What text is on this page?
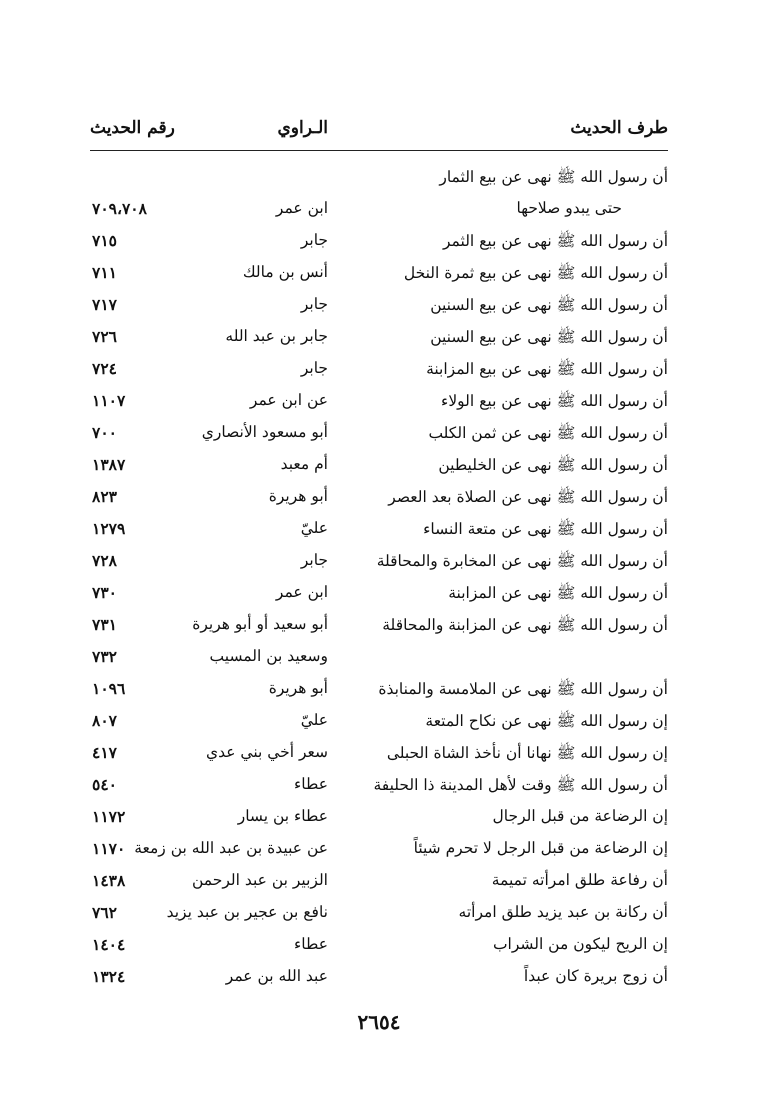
طرف الحديث
الـراوي
رقم الحديث
أن رسول الله ﷺ نهى عن بيع الثمار
حتى يبدو صلاحها
ابن عمر
٧٠٩،٧٠٨
أن رسول الله ﷺ نهى عن بيع الثمر
جابر
٧١٥
أن رسول الله ﷺ نهى عن بيع ثمرة النخل
أنس بن مالك
٧١١
أن رسول الله ﷺ نهى عن بيع السنين
جابر
٧١٧
أن رسول الله ﷺ نهى عن بيع السنين
جابر بن عبد الله
٧٢٦
أن رسول الله ﷺ نهى عن بيع المزابنة
جابر
٧٢٤
أن رسول الله ﷺ نهى عن بيع الولاء
عن ابن عمر
١١٠٧
أن رسول الله ﷺ نهى عن ثمن الكلب
أبو مسعود الأنصاري
٧٠٠
أن رسول الله ﷺ نهى عن الخليطين
أم معبد
١٣٨٧
أن رسول الله ﷺ نهى عن الصلاة بعد العصر
أبو هريرة
٨٢٣
أن رسول الله ﷺ نهى عن متعة النساء
عليّ
١٢٧٩
أن رسول الله ﷺ نهى عن المخابرة والمحاقلة
جابر
٧٢٨
أن رسول الله ﷺ نهى عن المزابنة
ابن عمر
٧٣٠
أن رسول الله ﷺ نهى عن المزابنة والمحاقلة
أبو سعيد أو أبو هريرة
٧٣١
وسعيد بن المسيب
٧٣٢
أن رسول الله ﷺ نهى عن الملامسة والمنابذة
أبو هريرة
١٠٩٦
إن رسول الله ﷺ نهى عن نكاح المتعة
عليّ
٨٠٧
إن رسول الله ﷺ نهانا أن نأخذ الشاة الحبلى
سعر أخي بني عدي
٤١٧
أن رسول الله ﷺ وقت لأهل المدينة ذا الحليفة
عطاء
٥٤٠
إن الرضاعة من قبل الرجال
عطاء بن يسار
١١٧٢
إن الرضاعة من قبل الرجل لا تحرم شيئاً
عن عبيدة بن عبد الله بن زمعة
١١٧٠
أن رفاعة طلق امرأته تميمة
الزبير بن عبد الرحمن
١٤٣٨
أن ركانة بن عبد يزيد طلق امرأته
نافع بن عجير بن عبد يزيد
٧٦٢
إن الريح ليكون من الشراب
عطاء
١٤٠٤
أن زوج بريرة كان عبداً
عبد الله بن عمر
١٣٢٤
٢٦٥٤
